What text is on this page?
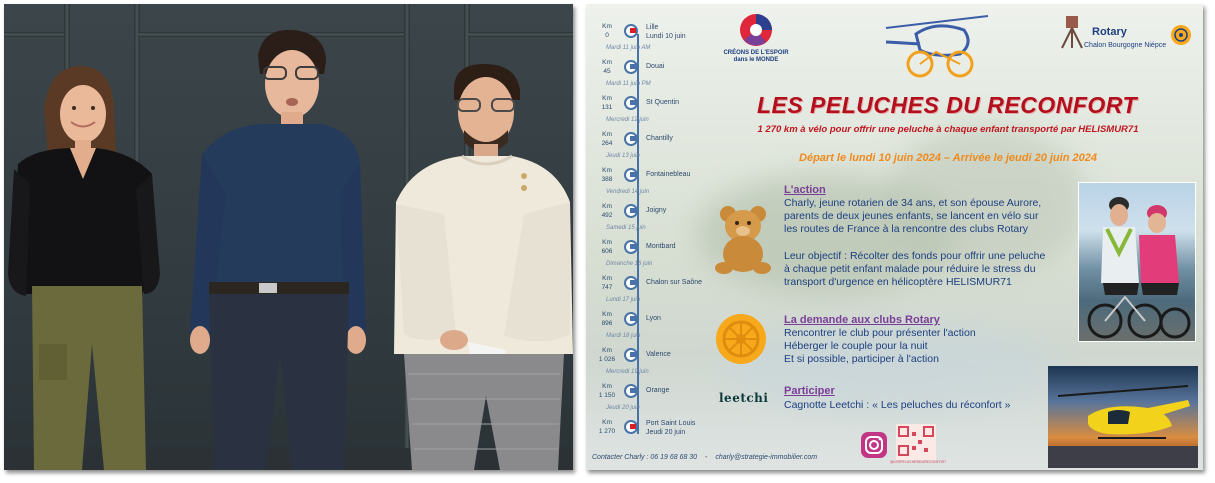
Km
0
Lille
Lundi 10 juin
Mardi 11 juin AM
Km
45
Douai
Mardi 11 juin PM
Km
131
St Quentin
Mercredi 12 juin
Km
264
Chantilly
Jeudi 13 juin
Km
388
Fontainebleau
Vendredi 14 juin
Km
492
Joigny
Samedi 15 juin
Km
606
Montbard
Dimanche 16 juin
Km
747
Chalon sur Saône
Lundi 17 juin
Km
896
Lyon
Mardi 18 juin
Km
1 026
Valence
Mercredi 19 juin
Km
1 150
Orange
Jeudi 20 juin
Km
1 270
Port Saint Louis
Jeudi 20 juin
CRÉONS DE L'ESPOIR
dans le MONDE
Rotary
Chalon Bourgogne Niépce
LES PELUCHES DU RECONFORT
1 270 km à vélo pour offrir une peluche à chaque enfant transporté par HELISMUR71
Départ le lundi 10 juin 2024 – Arrivée le jeudi 20 juin 2024
L'action
Charly, jeune rotarien de 34 ans, et son épouse Aurore,
parents de deux jeunes enfants, se lancent en vélo sur
les routes de France à la rencontre des clubs Rotary
Leur objectif : Récolter des fonds pour offrir une peluche
à chaque petit enfant malade pour réduire le stress du
transport d'urgence en hélicoptère HELISMUR71
La demande aux clubs Rotary
Rencontrer le club pour présenter l'action
Héberger le couple pour la nuit
Et si possible, participer à l'action
leetchi Participer
Cagnotte Leetchi : « Les peluches du réconfort »
@LESPELUCHESDURECONFORT
Contacter Charly : 06 19 68 68 30 - charly@strategie-immobilier.com
